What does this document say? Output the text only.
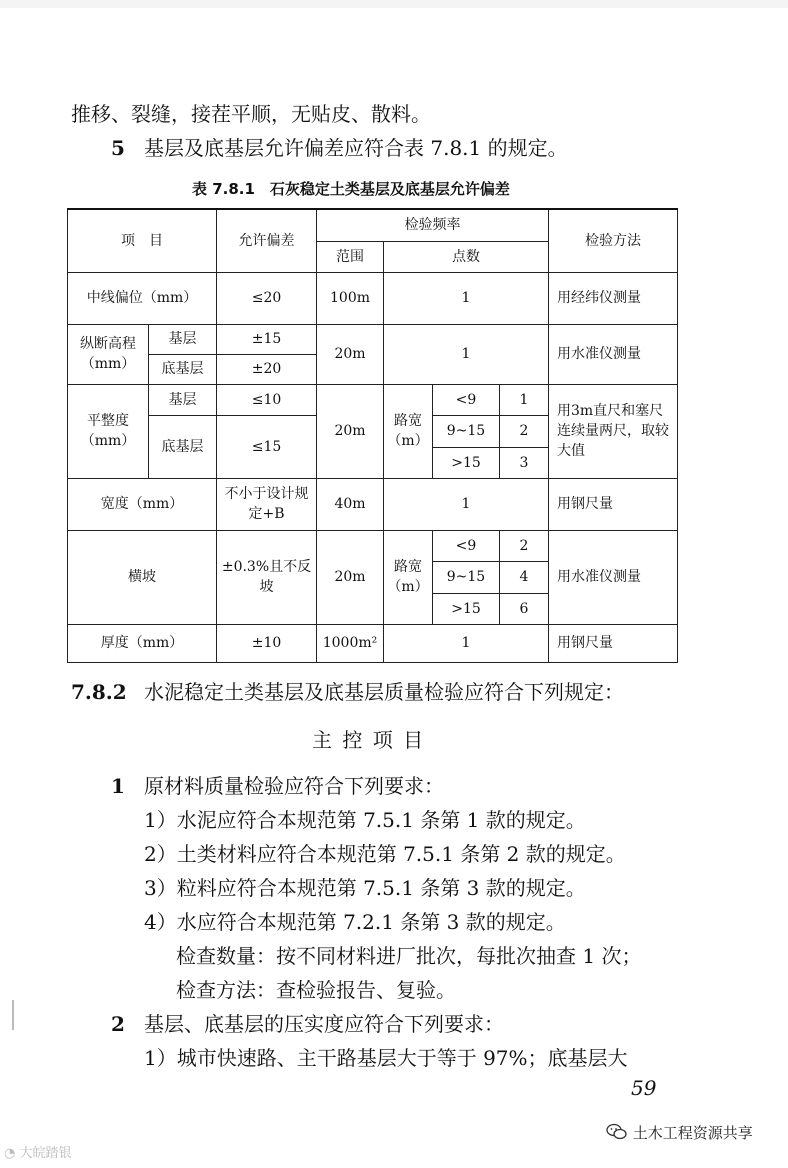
推移、裂缝，接茬平顺，无贴皮、散料。
5 基层及底基层允许偏差应符合表 7.8.1 的规定。
表 7.8.1　石灰稳定土类基层及底基层允许偏差
项　目		允许偏差	检验频率				检验方法
			范围	点数			
中线偏位（mm）		≤20	100m	1			用经纬仪测量
纵断高程（mm）	基层	±15	20m	1			用水准仪测量
	底基层	±20					
平整度（mm）	基层	≤10	20m	路宽（m）	<9	1	用3m直尺和塞尺连续量两尺，取较大值
	底基层	≤15			9~15	2	
					>15	3	
宽度（mm）		不小于设计规定+B	40m	1			用钢尺量
横坡		±0.3%且不反坡	20m	路宽（m）	<9	2	用水准仪测量
					9~15	4	
					>15	6	
厚度（mm）		±10	1000m²	1			用钢尺量
7.8.2 水泥稳定土类基层及底基层质量检验应符合下列规定：
主 控 项 目
1 原材料质量检验应符合下列要求：
1）水泥应符合本规范第 7.5.1 条第 1 款的规定。
2）土类材料应符合本规范第 7.5.1 条第 2 款的规定。
3）粒料应符合本规范第 7.5.1 条第 3 款的规定。
4）水应符合本规范第 7.2.1 条第 3 款的规定。
检查数量：按不同材料进厂批次，每批次抽查 1 次；
检查方法：查检验报告、复验。
2 基层、底基层的压实度应符合下列要求：
1）城市快速路、主干路基层大于等于 97%；底基层大
59
◔ 大皖踏银
土木工程资源共享
